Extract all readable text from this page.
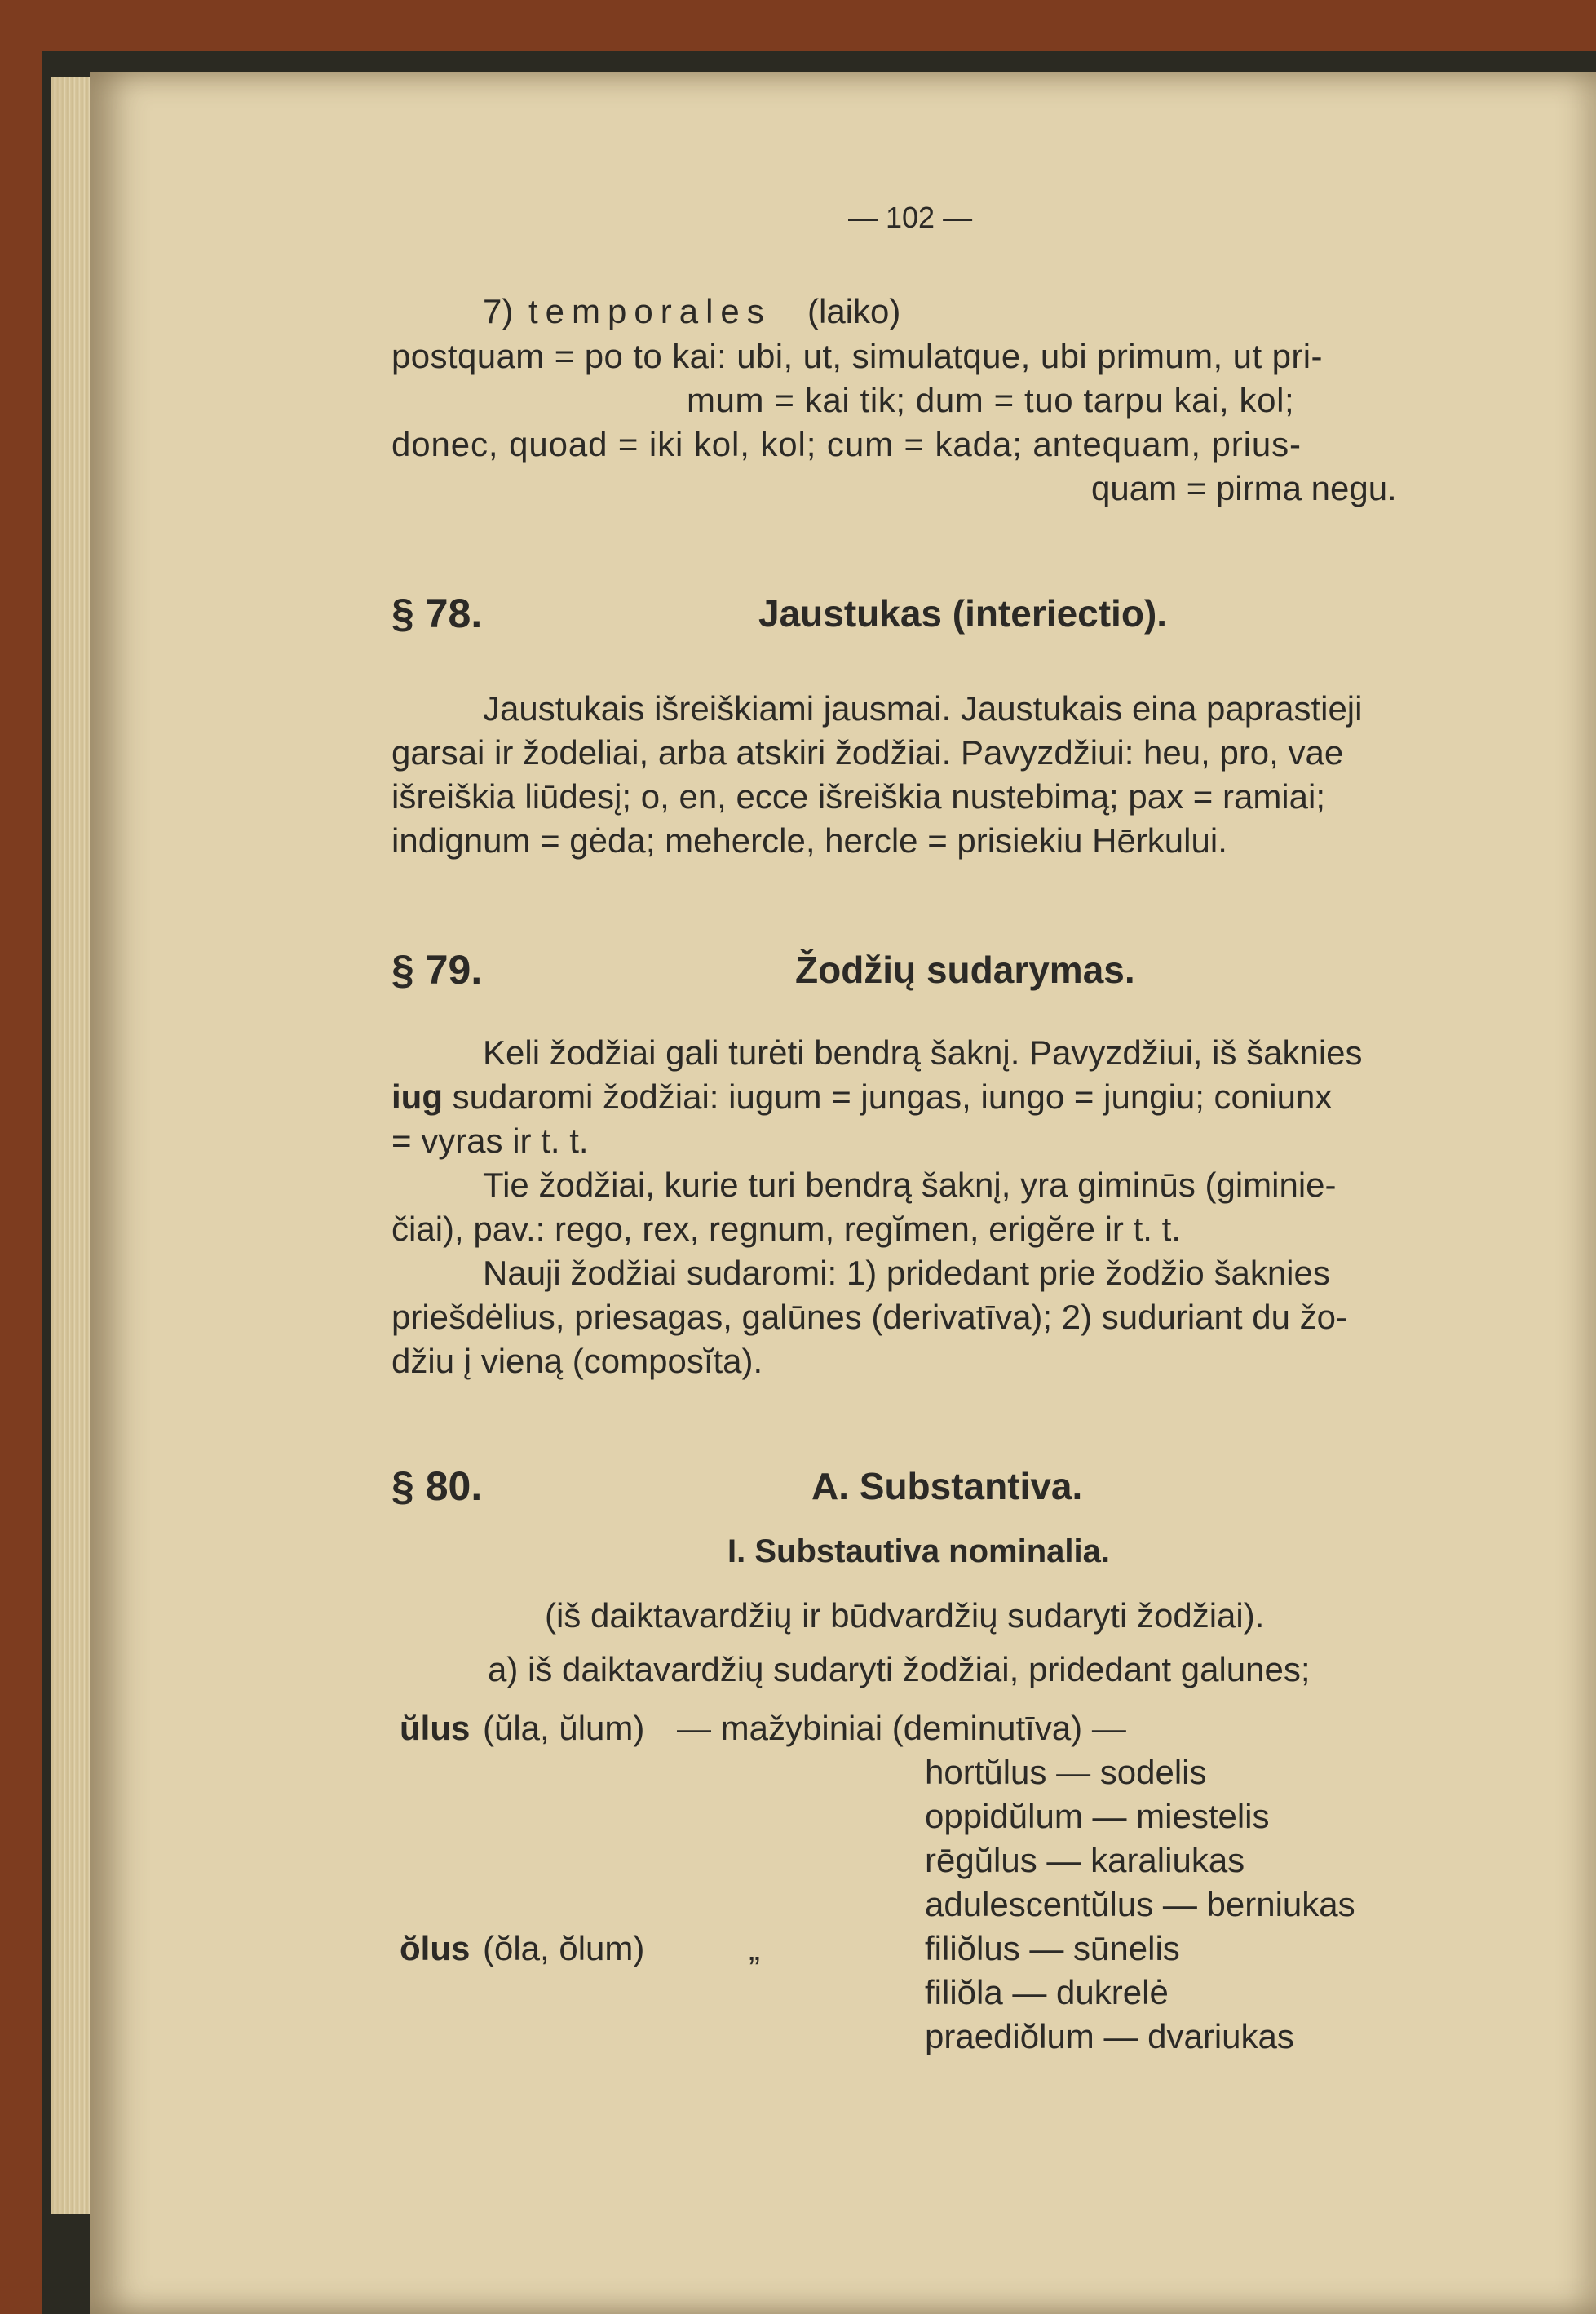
— 102 —
7) temporales (laiko)
postquam = po to kai: ubi, ut, simulatque, ubi primum, ut pri-
mum = kai tik; dum = tuo tarpu kai, kol;
donec, quoad = iki kol, kol; cum = kada; antequam, prius-
quam = pirma negu.
§ 78.	Jaustukas (interiectio).
Jaustukais išreiškiami jausmai. Jaustukais eina paprastieji
garsai ir žodeliai, arba atskiri žodžiai. Pavyzdžiui: heu, pro, vae
išreiškia liūdesį; o, en, ecce išreiškia nustebimą; pax = ramiai;
indignum = gėda; mehercle, hercle = prisiekiu Hērkului.
§ 79.	Žodžių sudarymas.
Keli žodžiai gali turėti bendrą šaknį. Pavyzdžiui, iš šaknies
iug sudaromi žodžiai: iugum = jungas, iungo = jungiu; coniunx
= vyras ir t. t.
Tie žodžiai, kurie turi bendrą šaknį, yra giminūs (giminie-
čiai), pav.: rego, rex, regnum, regĭmen, erigĕre ir t. t.
Nauji žodžiai sudaromi: 1) pridedant prie žodžio šaknies
priešdėlius, priesagas, galūnes (derivatīva); 2) suduriant du žo-
džiu į vieną (composĭta).
§ 80.	A. Substantiva.
I. Substautiva nominalia.
(iš daiktavardžių ir būdvardžių sudaryti žodžiai).
a) iš daiktavardžių sudaryti žodžiai, pridedant galunes;
ŭlus (ŭla, ŭlum) — mažybiniai (deminutīva) —
hortŭlus — sodelis
oppidŭlum — miestelis
rēgŭlus — karaliukas
adulescentŭlus — berniukas
ŏlus (ŏla, ŏlum)	„	filiŏlus — sūnelis
filiŏla — dukrelė
praediŏlum — dvariukas
